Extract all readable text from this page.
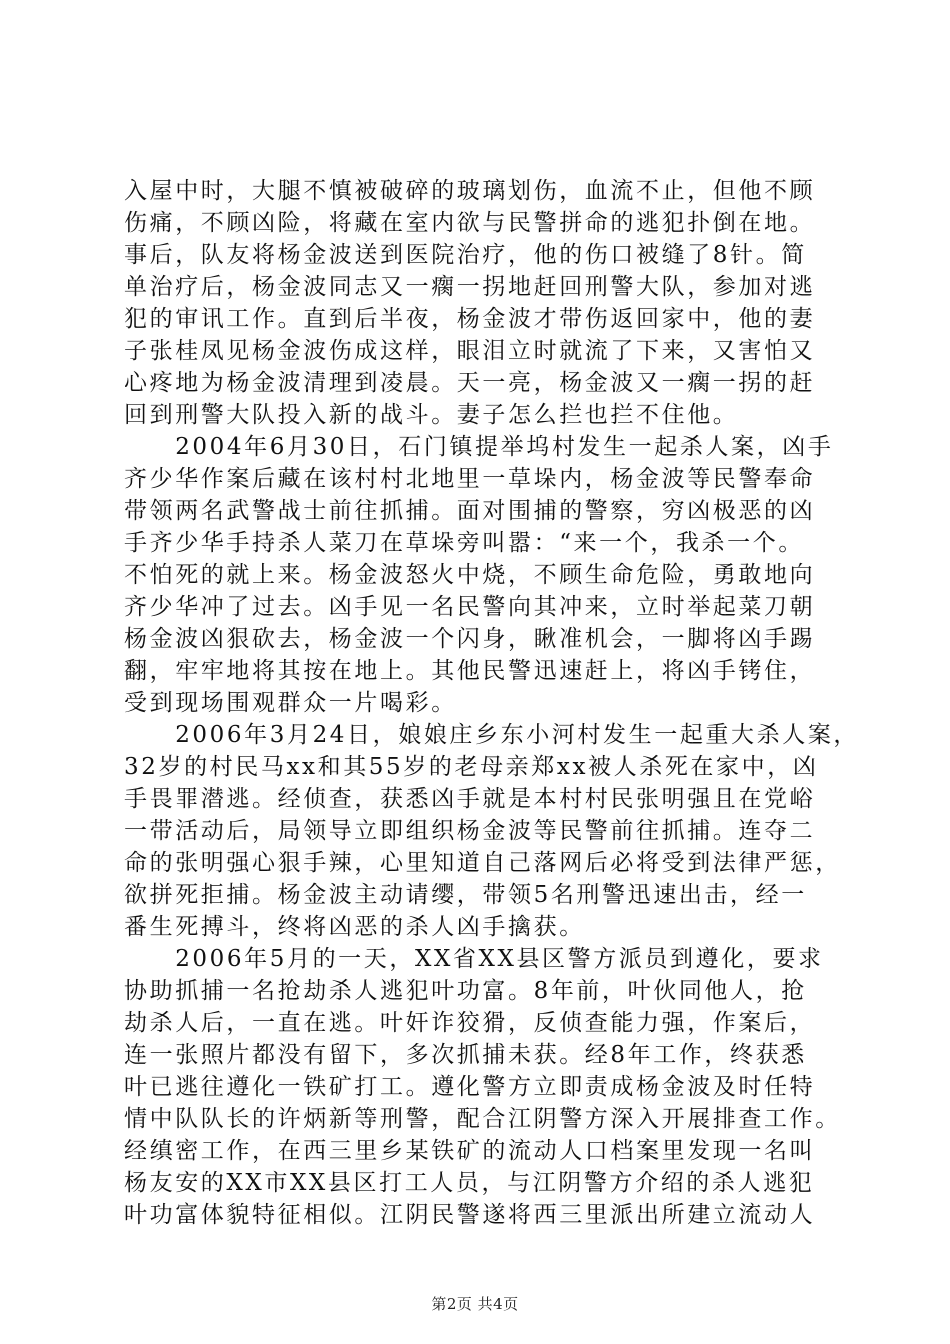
入屋中时，大腿不慎被破碎的玻璃划伤，血流不止，但他不顾
伤痛，不顾凶险，将藏在室内欲与民警拼命的逃犯扑倒在地。
事后，队友将杨金波送到医院治疗，他的伤口被缝了8针。简
单治疗后，杨金波同志又一瘸一拐地赶回刑警大队，参加对逃
犯的审讯工作。直到后半夜，杨金波才带伤返回家中，他的妻
子张桂凤见杨金波伤成这样，眼泪立时就流了下来，又害怕又
心疼地为杨金波清理到凌晨。天一亮，杨金波又一瘸一拐的赶
回到刑警大队投入新的战斗。妻子怎么拦也拦不住他。
　　2004年6月30日，石门镇提举坞村发生一起杀人案，凶手
齐少华作案后藏在该村村北地里一草垛内，杨金波等民警奉命
带领两名武警战士前往抓捕。面对围捕的警察，穷凶极恶的凶
手齐少华手持杀人菜刀在草垛旁叫嚣：“来一个，我杀一个。
不怕死的就上来。杨金波怒火中烧，不顾生命危险，勇敢地向
齐少华冲了过去。凶手见一名民警向其冲来，立时举起菜刀朝
杨金波凶狠砍去，杨金波一个闪身，瞅准机会，一脚将凶手踢
翻，牢牢地将其按在地上。其他民警迅速赶上，将凶手铐住，
受到现场围观群众一片喝彩。
　　2006年3月24日，娘娘庄乡东小河村发生一起重大杀人案，
32岁的村民马xx和其55岁的老母亲郑xx被人杀死在家中，凶
手畏罪潜逃。经侦查，获悉凶手就是本村村民张明强且在党峪
一带活动后，局领导立即组织杨金波等民警前往抓捕。连夺二
命的张明强心狠手辣，心里知道自己落网后必将受到法律严惩，
欲拼死拒捕。杨金波主动请缨，带领5名刑警迅速出击，经一
番生死搏斗，终将凶恶的杀人凶手擒获。
　　2006年5月的一天，XX省XX县区警方派员到遵化，要求
协助抓捕一名抢劫杀人逃犯叶功富。8年前，叶伙同他人，抢
劫杀人后，一直在逃。叶奸诈狡猾，反侦查能力强，作案后，
连一张照片都没有留下，多次抓捕未获。经8年工作，终获悉
叶已逃往遵化一铁矿打工。遵化警方立即责成杨金波及时任特
情中队队长的许炳新等刑警，配合江阴警方深入开展排查工作。
经缜密工作，在西三里乡某铁矿的流动人口档案里发现一名叫
杨友安的XX市XX县区打工人员，与江阴警方介绍的杀人逃犯
叶功富体貌特征相似。江阴民警遂将西三里派出所建立流动人
第2页 共4页
